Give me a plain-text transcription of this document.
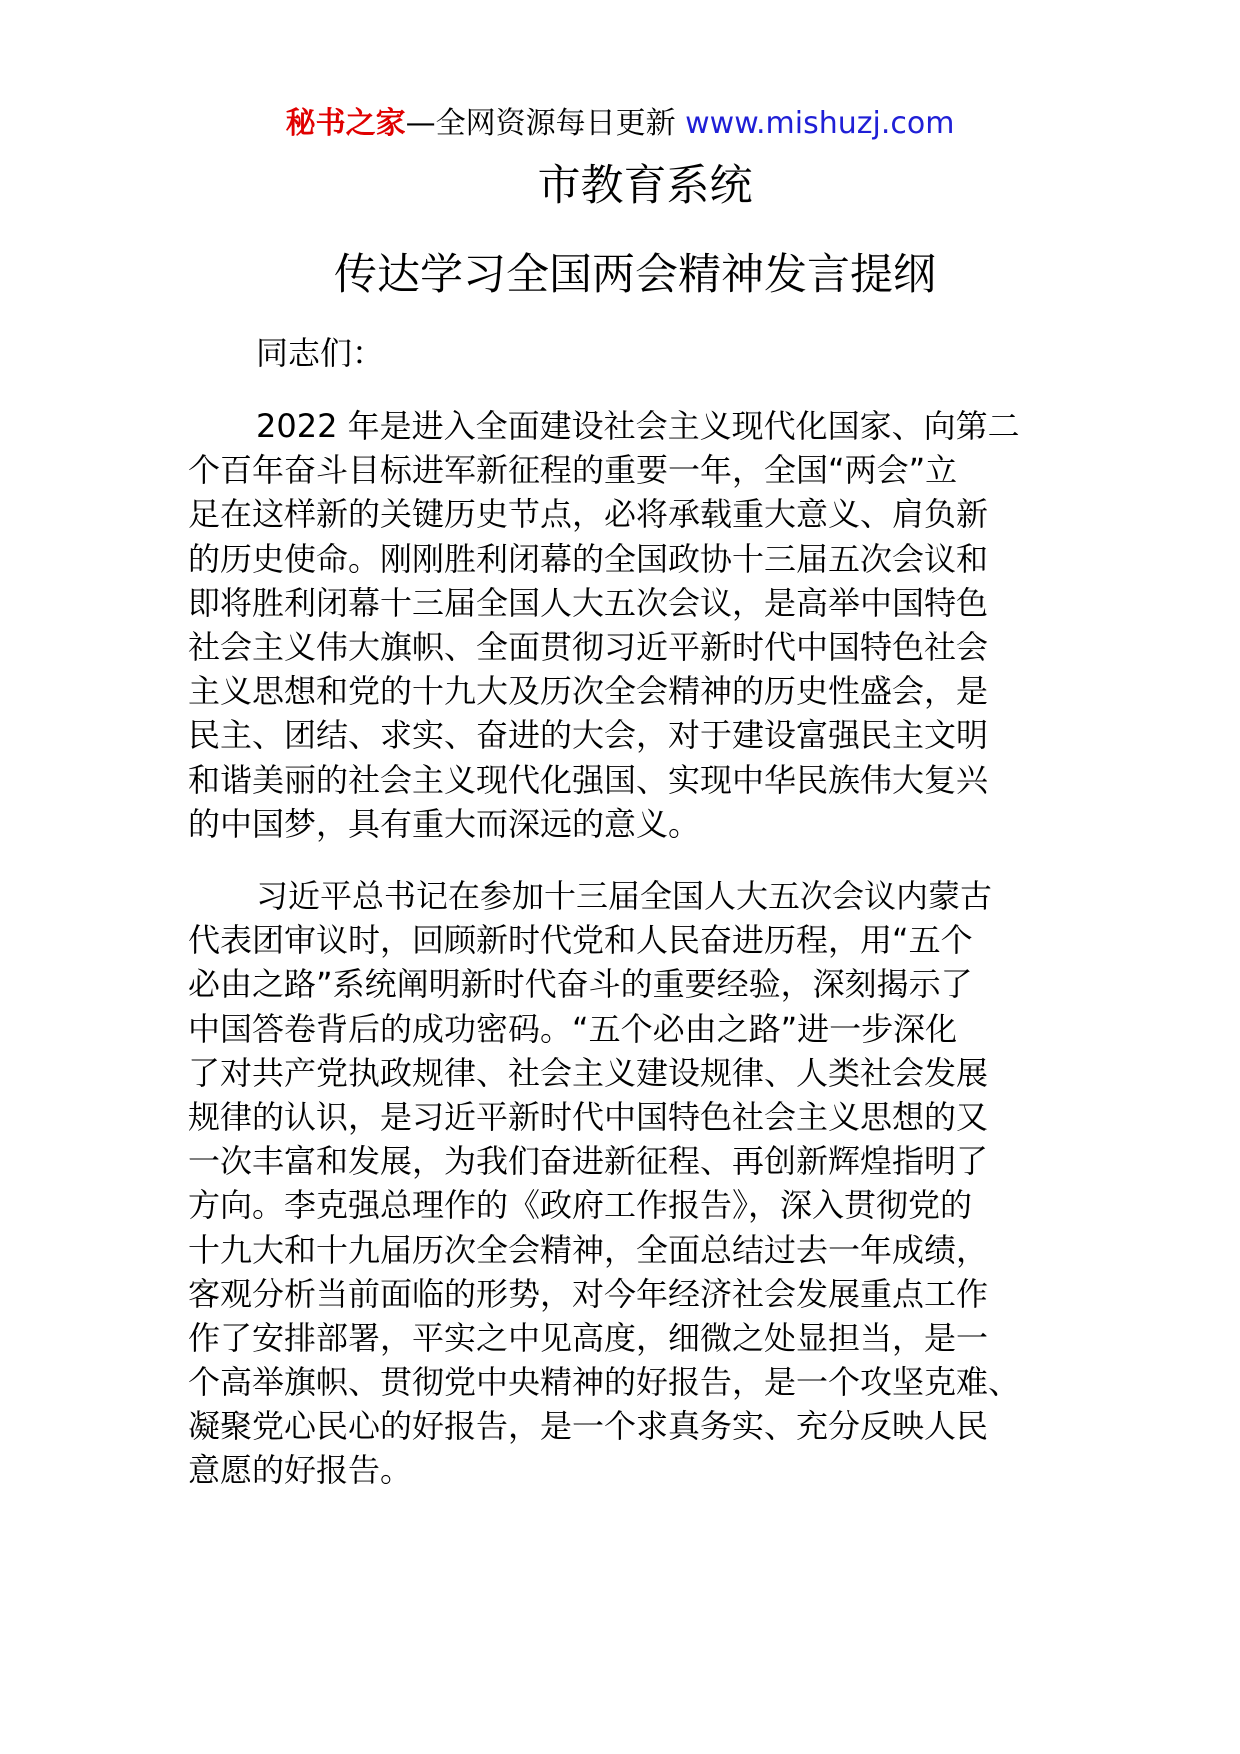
秘书之家—全网资源每日更新 www.mishuzj.com
市教育系统
传达学习全国两会精神发言提纲
同志们：
2022 年是进入全面建设社会主义现代化国家、向第二
个百年奋斗目标进军新征程的重要一年，全国“两会”立
足在这样新的关键历史节点，必将承载重大意义、肩负新
的历史使命。刚刚胜利闭幕的全国政协十三届五次会议和
即将胜利闭幕十三届全国人大五次会议，是高举中国特色
社会主义伟大旗帜、全面贯彻习近平新时代中国特色社会
主义思想和党的十九大及历次全会精神的历史性盛会，是
民主、团结、求实、奋进的大会，对于建设富强民主文明
和谐美丽的社会主义现代化强国、实现中华民族伟大复兴
的中国梦，具有重大而深远的意义。
习近平总书记在参加十三届全国人大五次会议内蒙古
代表团审议时，回顾新时代党和人民奋进历程，用“五个
必由之路”系统阐明新时代奋斗的重要经验，深刻揭示了
中国答卷背后的成功密码。“五个必由之路”进一步深化
了对共产党执政规律、社会主义建设规律、人类社会发展
规律的认识，是习近平新时代中国特色社会主义思想的又
一次丰富和发展，为我们奋进新征程、再创新辉煌指明了
方向。李克强总理作的《政府工作报告》，深入贯彻党的
十九大和十九届历次全会精神，全面总结过去一年成绩，
客观分析当前面临的形势，对今年经济社会发展重点工作
作了安排部署，平实之中见高度，细微之处显担当，是一
个高举旗帜、贯彻党中央精神的好报告，是一个攻坚克难、
凝聚党心民心的好报告，是一个求真务实、充分反映人民
意愿的好报告。
